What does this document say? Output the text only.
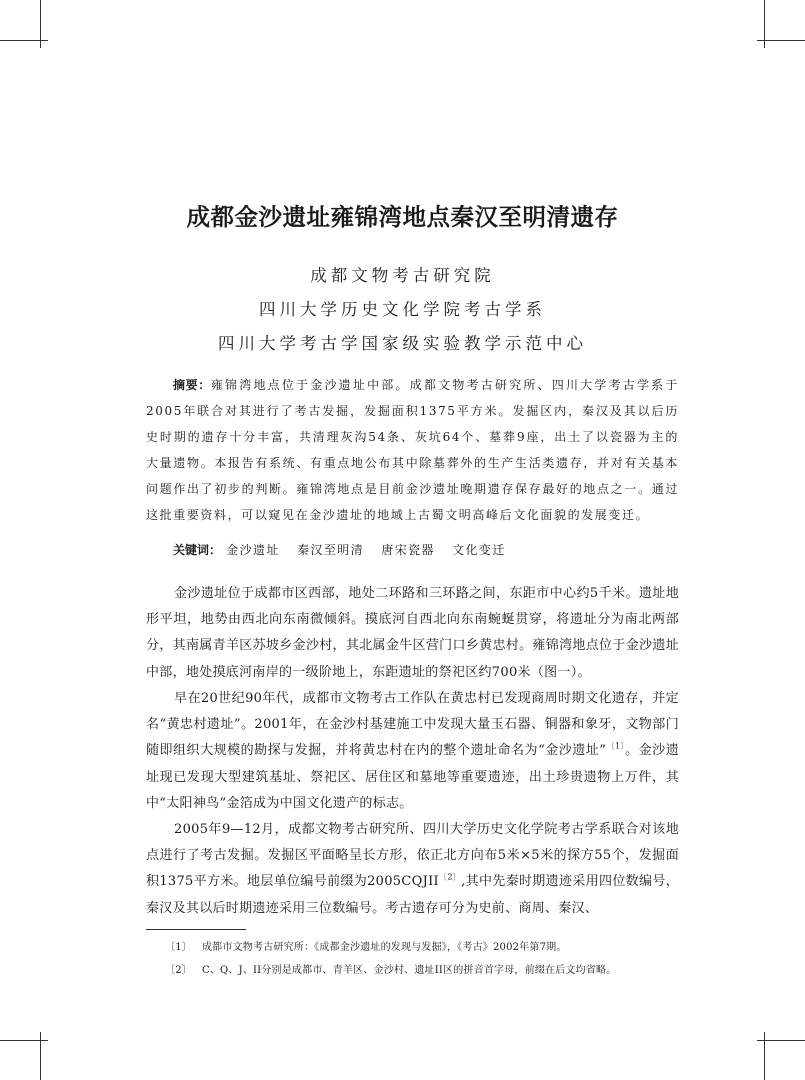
成都金沙遗址雍锦湾地点秦汉至明清遗存
成都文物考古研究院
四川大学历史文化学院考古学系
四川大学考古学国家级实验教学示范中心

摘要：雍锦湾地点位于金沙遗址中部。成都文物考古研究所、四川大学考古学系于2005年联合对其进行了考古发掘，发掘面积1375平方米。发掘区内，秦汉及其以后历史时期的遗存十分丰富，共清理灰沟54条、灰坑64个、墓葬9座，出土了以瓷器为主的大量遗物。本报告有系统、有重点地公布其中除墓葬外的生产生活类遗存，并对有关基本问题作出了初步的判断。雍锦湾地点是目前金沙遗址晚期遗存保存最好的地点之一。通过这批重要资料，可以窥见在金沙遗址的地域上古蜀文明高峰后文化面貌的发展变迁。

关键词： 金沙遗址 秦汉至明清 唐宋瓷器 文化变迁

金沙遗址位于成都市区西部，地处二环路和三环路之间，东距市中心约5千米。遗址地形平坦，地势由西北向东南微倾斜。摸底河自西北向东南蜿蜒贯穿，将遗址分为南北两部分，其南属青羊区苏坡乡金沙村，其北属金牛区营门口乡黄忠村。雍锦湾地点位于金沙遗址中部，地处摸底河南岸的一级阶地上，东距遗址的祭祀区约700米（图一）。

早在20世纪90年代，成都市文物考古工作队在黄忠村已发现商周时期文化遗存，并定名“黄忠村遗址”。2001年，在金沙村基建施工中发现大量玉石器、铜器和象牙，文物部门随即组织大规模的勘探与发掘，并将黄忠村在内的整个遗址命名为“金沙遗址”$^{〔1〕}$。金沙遗址现已发现大型建筑基址、祭祀区、居住区和墓地等重要遗迹，出土珍贵遗物上万件，其中“太阳神鸟”金箔成为中国文化遗产的标志。

2005年9—12月，成都文物考古研究所、四川大学历史文化学院考古学系联合对该地点进行了考古发掘。发掘区平面略呈长方形，依正北方向布5米×5米的探方55个，发掘面积1375平方米。地层单位编号前缀为$2005CQJII^{〔2〕}$,其中先秦时期遗迹采用四位数编号，秦汉及其以后时期遗迹采用三位数编号。考古遗存可分为史前、商周、秦汉、

〔1〕 成都市文物考古研究所：《成都金沙遗址的发现与发掘》，《考古》2002年第7期。
〔2〕 C、Q、J、II分别是成都市、青羊区、金沙村、遗址II区的拼音首字母，前缀在后文均省略。
